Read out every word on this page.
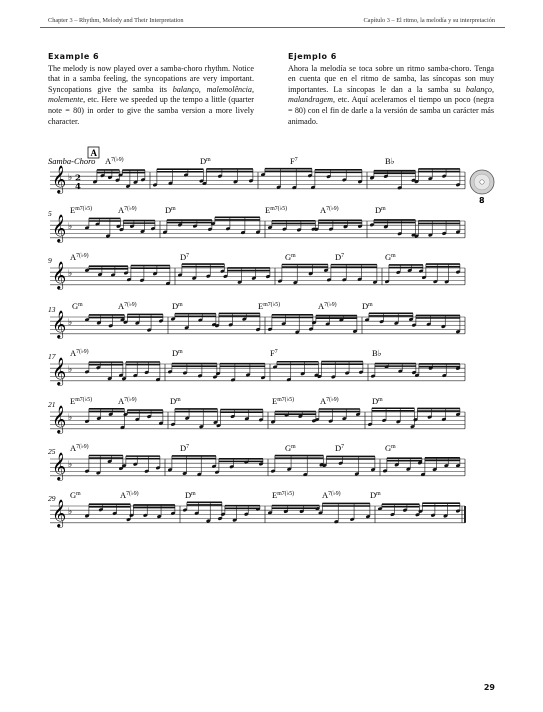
Chapter 3 – Rhythm, Melody and Their Interpretation	Capítulo 3 – El ritmo, la melodía y su interpretación
Example 6
The melody is now played over a samba-choro rhythm. Notice that in a samba feeling, the syncopations are very important. Syncopations give the samba its balanço, malemolência, molemente, etc. Here we speeded up the tempo a little (quarter note = 80) in order to give the samba version a more lively character.
Ejemplo 6
Ahora la melodía se toca sobre un ritmo samba-choro. Tenga en cuenta que en el ritmo de samba, las síncopas son muy importantes. La síncopas le dan a la samba su balanço, malandragem, etc. Aquí aceleramos el tiempo un poco (negra = 80) con el fin de darle a la versión de samba un carácter más animado.
𝄞 ♭ 2
4
$A^{7(♭9)}$	$D^m$	$F^7$	B♭
𝄞 ♭
5 $E^{m7(♭5)}$	$A^{7(♭9)}$	$D^m$	$E^{m7(♭5)}$	$A^{7(♭9)}$	$D^m$
𝄞 ♭
9 $A^{7(♭9)}$	$D^7$	$G^m$	$D^7$	$G^m$
𝄞 ♭
13 $G^m$	$A^{7(♭9)}$	$D^m$	$E^{m7(♭5)}$	$A^{7(♭9)}$	$D^m$
𝄞 ♭
17 $A^{7(♭9)}$	$D^m$	$F^7$	B♭
𝄞 ♭
21 $E^{m7(♭5)}$	$A^{7(♭9)}$	$D^m$	$E^{m7(♭5)}$	$A^{7(♭9)}$	$D^m$
𝄞 ♭
25 $A^{7(♭9)}$	$D^7$	$G^m$	$D^7$	$G^m$
𝄞 ♭
29 $G^m$	$A^{7(♭9)}$	$D^m$	$E^{m7(♭5)}$	$A^{7(♭9)}$	$D^m$
A
Samba-Choro
8
29
